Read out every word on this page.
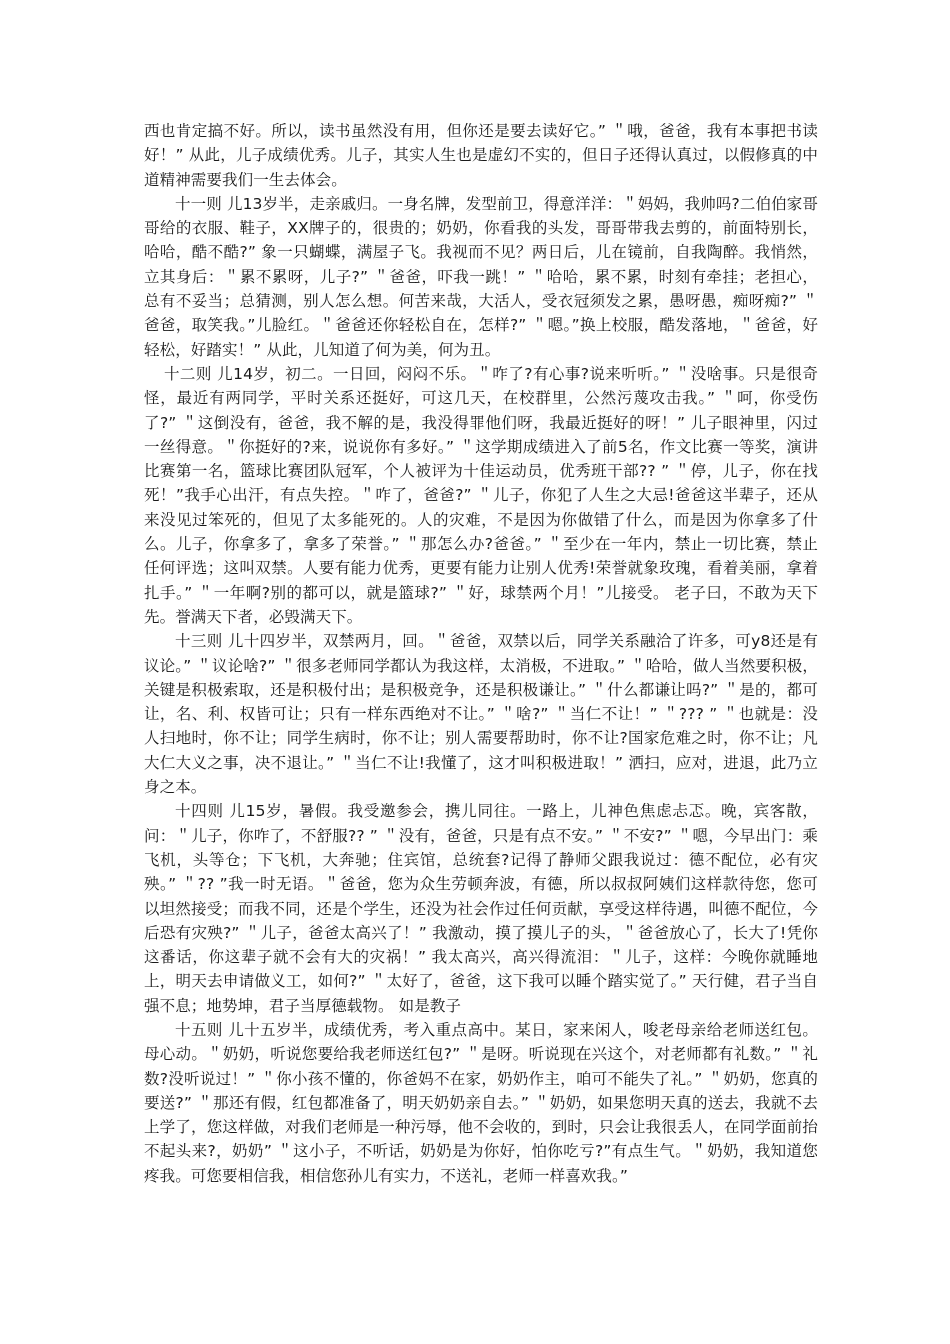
西也肯定搞不好。所以，读书虽然没有用，但你还是要去读好它。” ＂哦，爸爸，我有本事把书读好！” 从此，儿子成绩优秀。儿子，其实人生也是虚幻不实的，但日子还得认真过，以假修真的中道精神需要我们一生去体会。

十一则 儿13岁半，走亲戚归。一身名牌，发型前卫，得意洋洋：＂妈妈，我帅吗?二伯伯家哥哥给的衣服、鞋子，XX牌子的，很贵的；奶奶，你看我的头发，哥哥带我去剪的，前面特别长，哈哈，酷不酷?” 象一只蝴蝶，满屋子飞。我视而不见？两日后，儿在镜前，自我陶醉。我悄然，立其身后：＂累不累呀，儿子?” ＂爸爸，吓我一跳！” ＂哈哈，累不累，时刻有牵挂；老担心，总有不妥当；总猜测，别人怎么想。何苦来哉，大活人，受衣冠须发之累，愚呀愚，痴呀痴?” ＂爸爸，取笑我。”儿脸红。＂爸爸还你轻松自在，怎样?” ＂嗯。”换上校服，酷发落地，＂爸爸，好轻松，好踏实！” 从此，儿知道了何为美，何为丑。

十二则 儿14岁，初二。一日回，闷闷不乐。＂咋了?有心事?说来听听。” ＂没啥事。只是很奇怪，最近有两同学，平时关系还挺好，可这几天，在校群里，公然污蔑攻击我。” ＂呵，你受伤了?” ＂这倒没有，爸爸，我不解的是，我没得罪他们呀，我最近挺好的呀！” 儿子眼神里，闪过一丝得意。＂你挺好的?来，说说你有多好。” ＂这学期成绩进入了前5名，作文比赛一等奖，演讲比赛第一名，篮球比赛团队冠军，个人被评为十佳运动员，优秀班干部?? ” ＂停，儿子，你在找死！”我手心出汗，有点失控。＂咋了，爸爸?” ＂儿子，你犯了人生之大忌!爸爸这半辈子，还从来没见过笨死的，但见了太多能死的。人的灾难，不是因为你做错了什么，而是因为你拿多了什么。儿子，你拿多了，拿多了荣誉。” ＂那怎么办?爸爸。” ＂至少在一年内，禁止一切比赛，禁止任何评选；这叫双禁。人要有能力优秀，更要有能力让别人优秀!荣誉就象玫瑰，看着美丽，拿着扎手。” ＂一年啊?别的都可以，就是篮球?” ＂好，球禁两个月！”儿接受。 老子曰，不敢为天下先。誉满天下者，必毁满天下。

十三则 儿十四岁半，双禁两月，回。＂爸爸，双禁以后，同学关系融洽了许多，可y8还是有议论。” ＂议论啥?” ＂很多老师同学都认为我这样，太消极，不进取。” ＂哈哈，做人当然要积极，关键是积极索取，还是积极付出；是积极竞争，还是积极谦让。” ＂什么都谦让吗?” ＂是的，都可让，名、利、权皆可让；只有一样东西绝对不让。” ＂啥?” ＂当仁不让！” ＂??? ” ＂也就是：没人扫地时，你不让；同学生病时，你不让；别人需要帮助时，你不让?国家危难之时，你不让；凡大仁大义之事，决不退让。” ＂当仁不让!我懂了，这才叫积极进取！” 洒扫，应对，进退，此乃立身之本。

十四则 儿15岁，暑假。我受邀参会，携儿同往。一路上，儿神色焦虑忐忑。晚，宾客散，问：＂儿子，你咋了，不舒服?? ” ＂没有，爸爸，只是有点不安。” ＂不安?” ＂嗯，今早出门：乘飞机，头等仓；下飞机，大奔驰；住宾馆，总统套?记得了静师父跟我说过：德不配位，必有灾殃。” ＂?? ”我一时无语。＂爸爸，您为众生劳顿奔波，有德，所以叔叔阿姨们这样款待您，您可以坦然接受；而我不同，还是个学生，还没为社会作过任何贡献，享受这样待遇，叫德不配位，今后恐有灾殃?” ＂儿子，爸爸太高兴了！” 我激动，摸了摸儿子的头，＂爸爸放心了，长大了!凭你这番话，你这辈子就不会有大的灾祸！” 我太高兴，高兴得流泪：＂儿子，这样：今晚你就睡地上，明天去申请做义工，如何?” ＂太好了，爸爸，这下我可以睡个踏实觉了。” 天行健，君子当自强不息；地势坤，君子当厚德载物。 如是教子

十五则 儿十五岁半，成绩优秀，考入重点高中。某日，家来闲人，唆老母亲给老师送红包。母心动。＂奶奶，听说您要给我老师送红包?” ＂是呀。听说现在兴这个，对老师都有礼数。” ＂礼数?没听说过！” ＂你小孩不懂的，你爸妈不在家，奶奶作主，咱可不能失了礼。” ＂奶奶，您真的要送?” ＂那还有假，红包都准备了，明天奶奶亲自去。” ＂奶奶，如果您明天真的送去，我就不去上学了，您这样做，对我们老师是一种污辱，他不会收的，到时，只会让我很丢人，在同学面前抬不起头来?，奶奶” ＂这小子，不听话，奶奶是为你好，怕你吃亏?”有点生气。＂奶奶，我知道您疼我。可您要相信我，相信您孙儿有实力，不送礼，老师一样喜欢我。”
